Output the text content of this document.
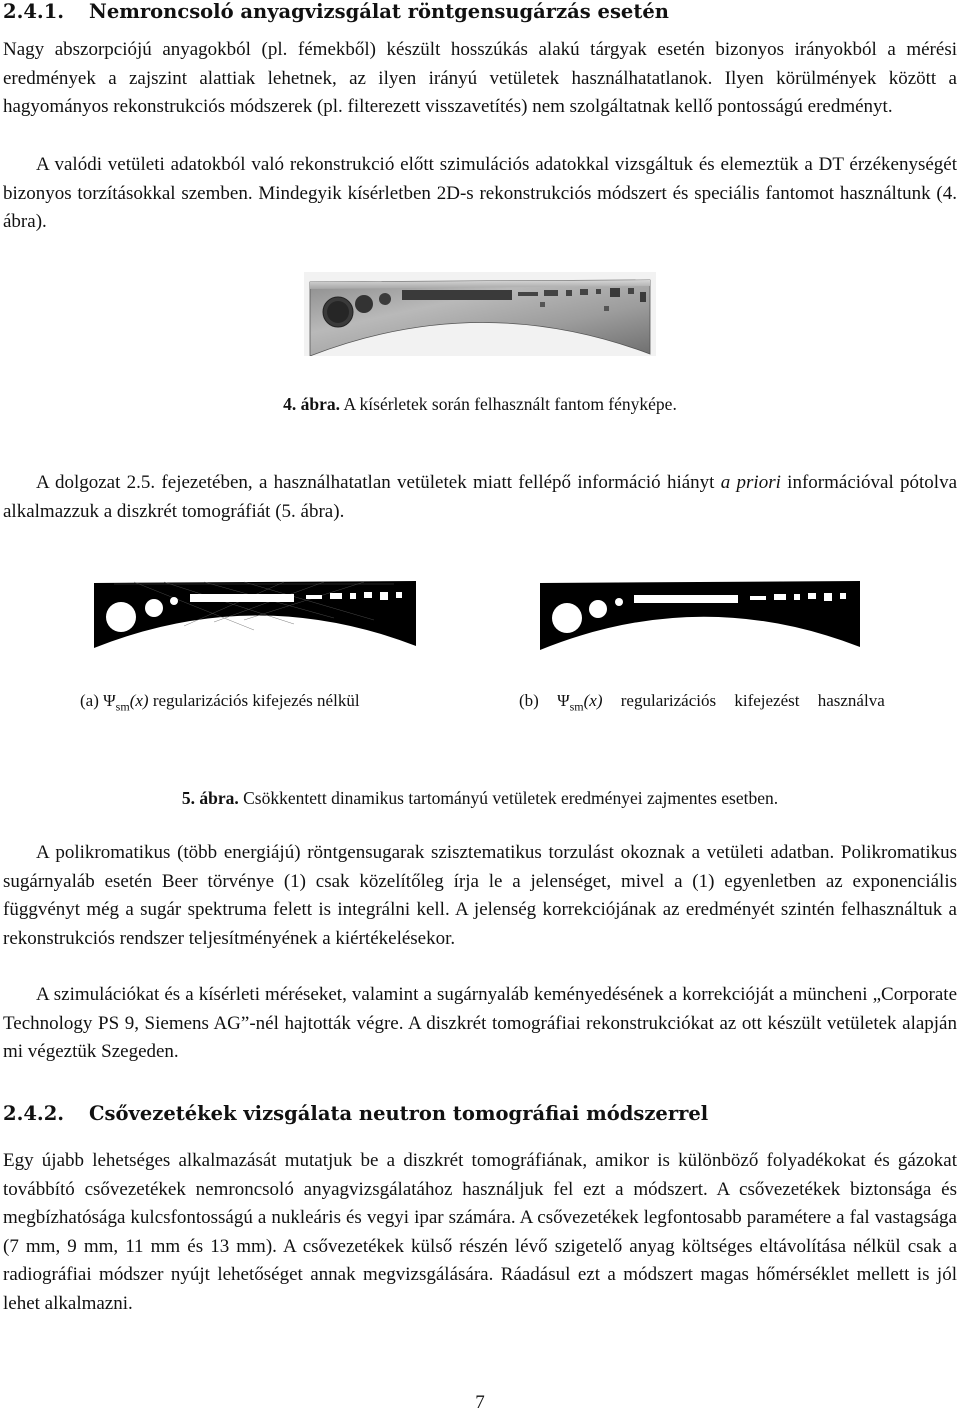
2.4.1. Nemroncsoló anyagvizsgálat röntgensugárzás esetén

Nagy abszorpciójú anyagokból (pl. fémekből) készült hosszúkás alakú tárgyak esetén bizonyos irányokból a mérési eredmények a zajszint alattiak lehetnek, az ilyen irányú vetületek használhatatlanok. Ilyen körülmények között a hagyományos rekonstrukciós módszerek (pl. filterezett visszavetítés) nem szolgáltatnak kellő pontosságú eredményt.

A valódi vetületi adatokból való rekonstrukció előtt szimulációs adatokkal vizsgáltuk és elemeztük a DT érzékenységét bizonyos torzításokkal szemben. Mindegyik kísérletben 2D-s rekonstrukciós módszert és speciális fantomot használtunk (4. ábra).

4. ábra. A kísérletek során felhasznált fantom fényképe.

A dolgozat 2.5. fejezetében, a használhatatlan vetületek miatt fellépő információ hiányt a priori információval pótolva alkalmazzuk a diszkrét tomográfiát (5. ábra).

(a) $\Psi_{sm}(x)$ regularizációs kifejezés nélkül	(b) $\Psi_{sm}(x)$ regularizációs kifejezést használva
5. ábra. Csökkentett dinamikus tartományú vetületek eredményei zajmentes esetben.

A polikromatikus (több energiájú) röntgensugarak szisztematikus torzulást okoznak a vetületi adatban. Polikromatikus sugárnyaláb esetén Beer törvénye (1) csak közelítőleg írja le a jelenséget, mivel a (1) egyenletben az exponenciális függvényt még a sugár spektruma felett is integrálni kell. A jelenség korrekciójának az eredményét szintén felhasználtuk a rekonstrukciós rendszer teljesítményének a kiértékelésekor.

A szimulációkat és a kísérleti méréseket, valamint a sugárnyaláb keményedésének a korrekcióját a müncheni „Corporate Technology PS 9, Siemens AG”-nél hajtották végre. A diszkrét tomográfiai rekonstrukciókat az ott készült vetületek alapján mi végeztük Szegeden.

2.4.2. Csővezetékek vizsgálata neutron tomográfiai módszerrel

Egy újabb lehetséges alkalmazását mutatjuk be a diszkrét tomográfiának, amikor is különböző folyadékokat és gázokat továbbító csővezetékek nemroncsoló anyagvizsgálatához használjuk fel ezt a módszert. A csővezetékek biztonsága és megbízhatósága kulcsfontosságú a nukleáris és vegyi ipar számára. A csővezetékek legfontosabb paramétere a fal vastagsága (7 mm, 9 mm, 11 mm és 13 mm). A csővezetékek külső részén lévő szigetelő anyag költséges eltávolítása nélkül csak a radiográfiai módszer nyújt lehetőséget annak megvizsgálására. Ráadásul ezt a módszert magas hőmérséklet mellett is jól lehet alkalmazni.

7
